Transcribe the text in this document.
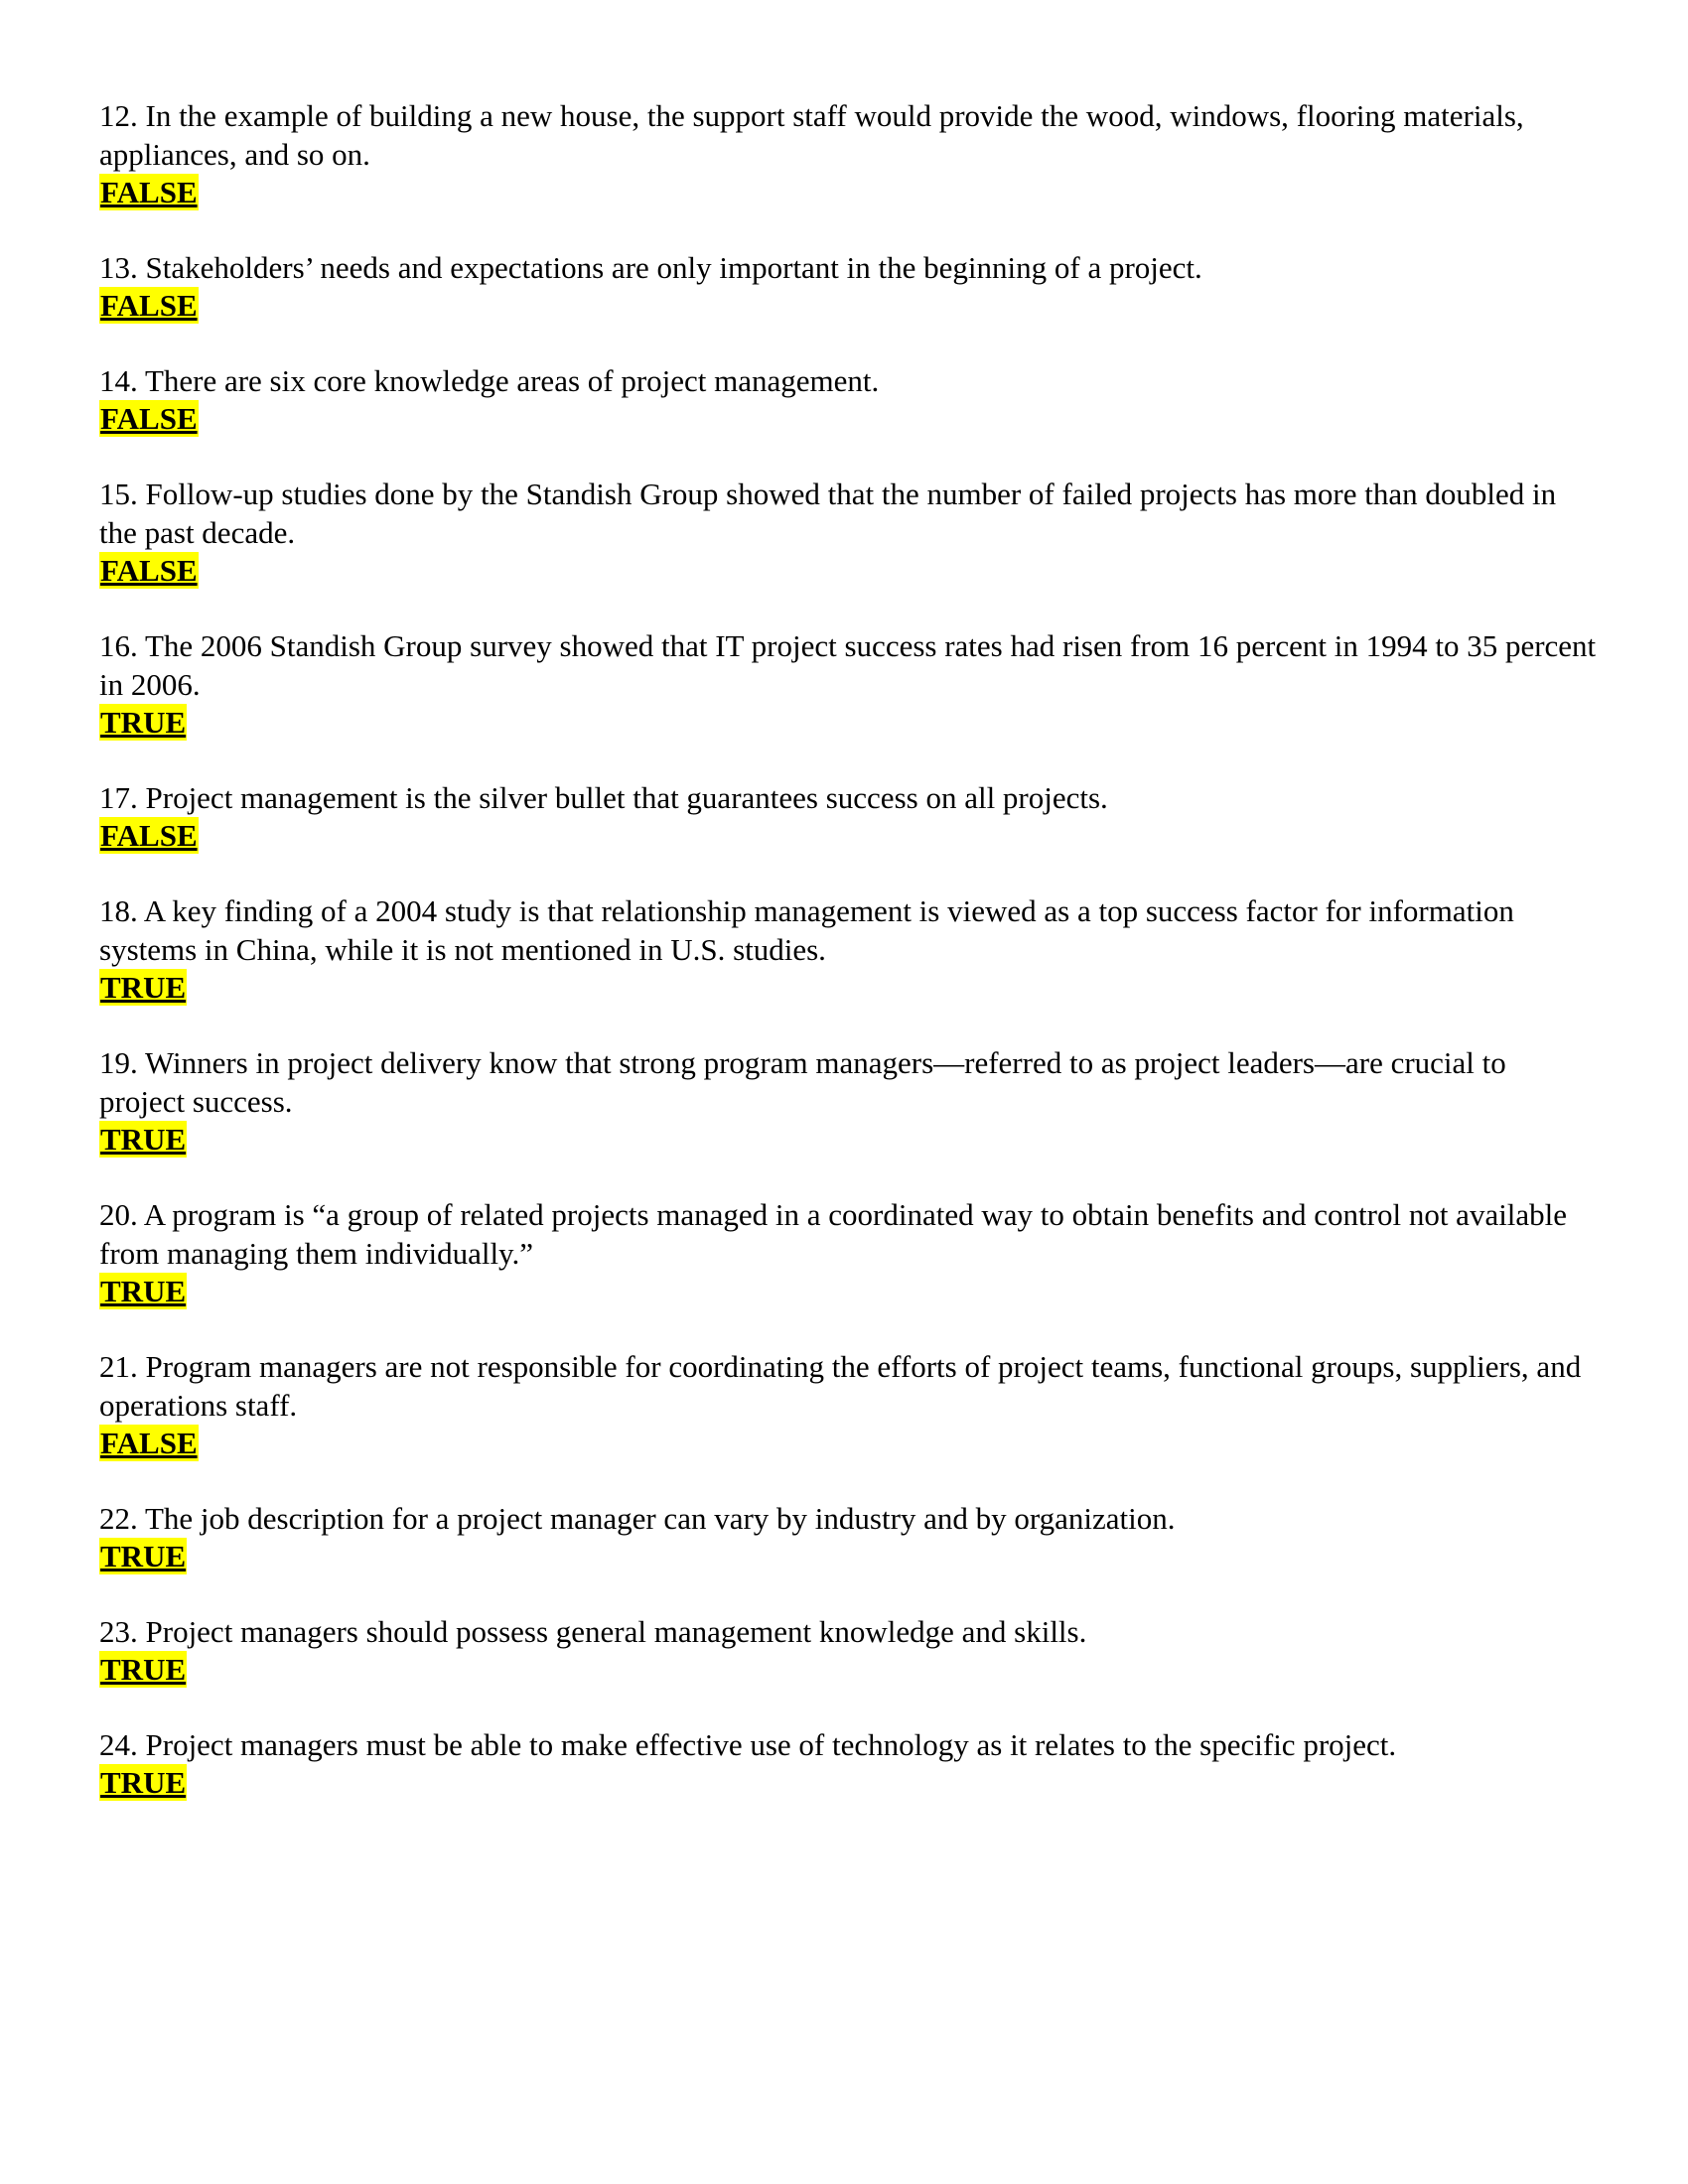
12. In the example of building a new house, the support staff would provide the wood, windows, flooring materials, appliances, and so on.

FALSE

13. Stakeholders’ needs and expectations are only important in the beginning of a project.

FALSE

14. There are six core knowledge areas of project management.

FALSE

15. Follow-up studies done by the Standish Group showed that the number of failed projects has more than doubled in the past decade.

FALSE

16. The 2006 Standish Group survey showed that IT project success rates had risen from 16 percent in 1994 to 35 percent in 2006.

TRUE

17. Project management is the silver bullet that guarantees success on all projects.

FALSE

18. A key finding of a 2004 study is that relationship management is viewed as a top success factor for information systems in China, while it is not mentioned in U.S. studies.

TRUE

19. Winners in project delivery know that strong program managers—referred to as project leaders—are crucial to project success.

TRUE

20. A program is “a group of related projects managed in a coordinated way to obtain benefits and control not available from managing them individually.”

TRUE

21. Program managers are not responsible for coordinating the efforts of project teams, functional groups, suppliers, and operations staff.

FALSE

22. The job description for a project manager can vary by industry and by organization.

TRUE

23. Project managers should possess general management knowledge and skills.

TRUE

24. Project managers must be able to make effective use of technology as it relates to the specific project.

TRUE
